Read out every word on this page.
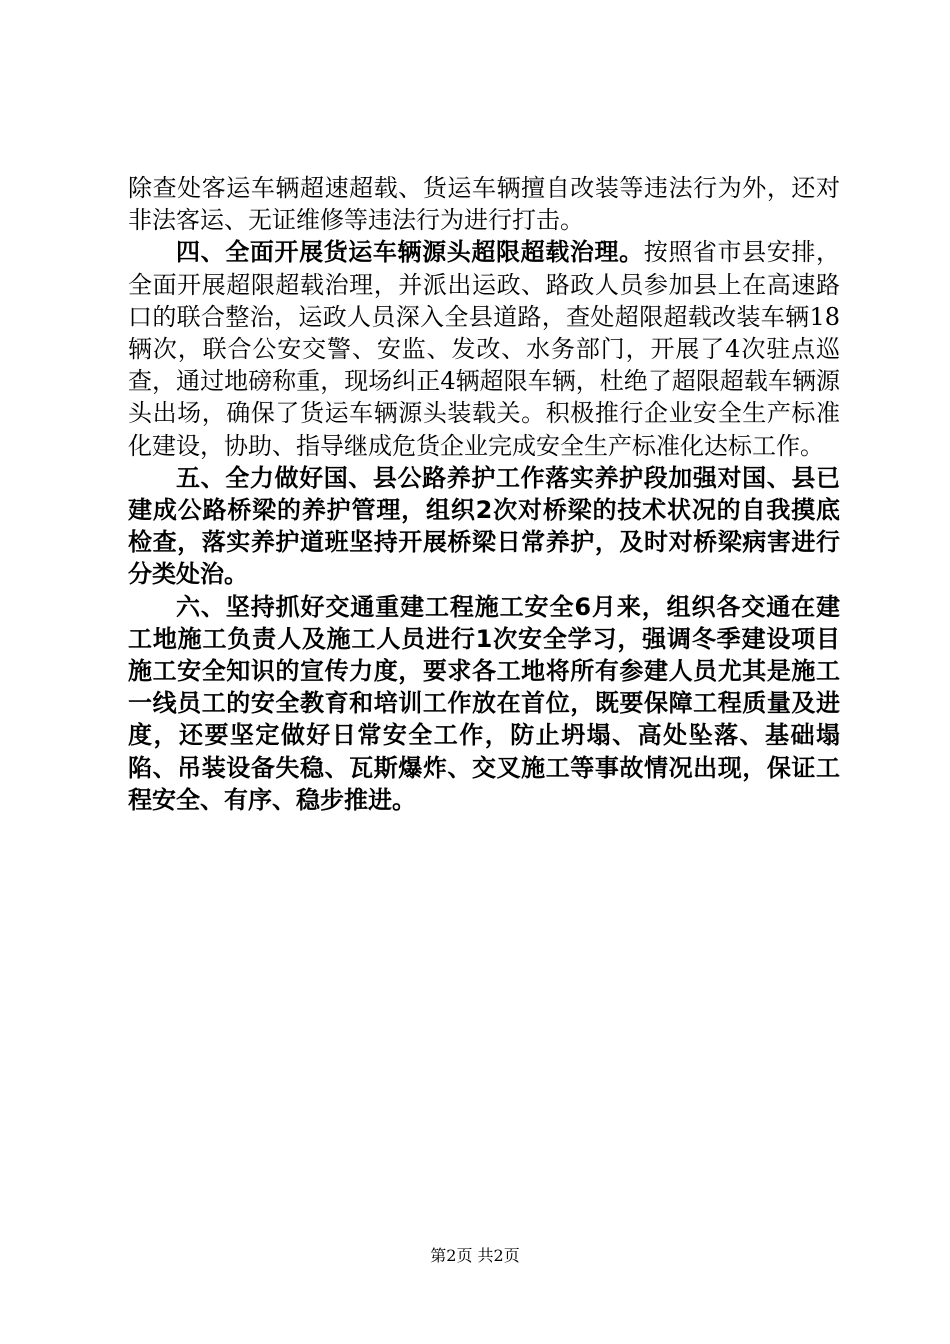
除查处客运车辆超速超载、货运车辆擅自改装等违法行为外，还对非法客运、无证维修等违法行为进行打击。

四、全面开展货运车辆源头超限超载治理。按照省市县安排，全面开展超限超载治理，并派出运政、路政人员参加县上在高速路口的联合整治，运政人员深入全县道路，查处超限超载改装车辆18辆次，联合公安交警、安监、发改、水务部门，开展了4次驻点巡查，通过地磅称重，现场纠正4辆超限车辆，杜绝了超限超载车辆源头出场，确保了货运车辆源头装载关。积极推行企业安全生产标准化建设，协助、指导继成危货企业完成安全生产标准化达标工作。

五、全力做好国、县公路养护工作落实养护段加强对国、县已建成公路桥梁的养护管理，组织2次对桥梁的技术状况的自我摸底检查，落实养护道班坚持开展桥梁日常养护，及时对桥梁病害进行分类处治。

六、坚持抓好交通重建工程施工安全6月来，组织各交通在建工地施工负责人及施工人员进行1次安全学习，强调冬季建设项目施工安全知识的宣传力度，要求各工地将所有参建人员尤其是施工一线员工的安全教育和培训工作放在首位，既要保障工程质量及进度，还要坚定做好日常安全工作，防止坍塌、高处坠落、基础塌陷、吊装设备失稳、瓦斯爆炸、交叉施工等事故情况出现，保证工程安全、有序、稳步推进。

第2页 共2页
